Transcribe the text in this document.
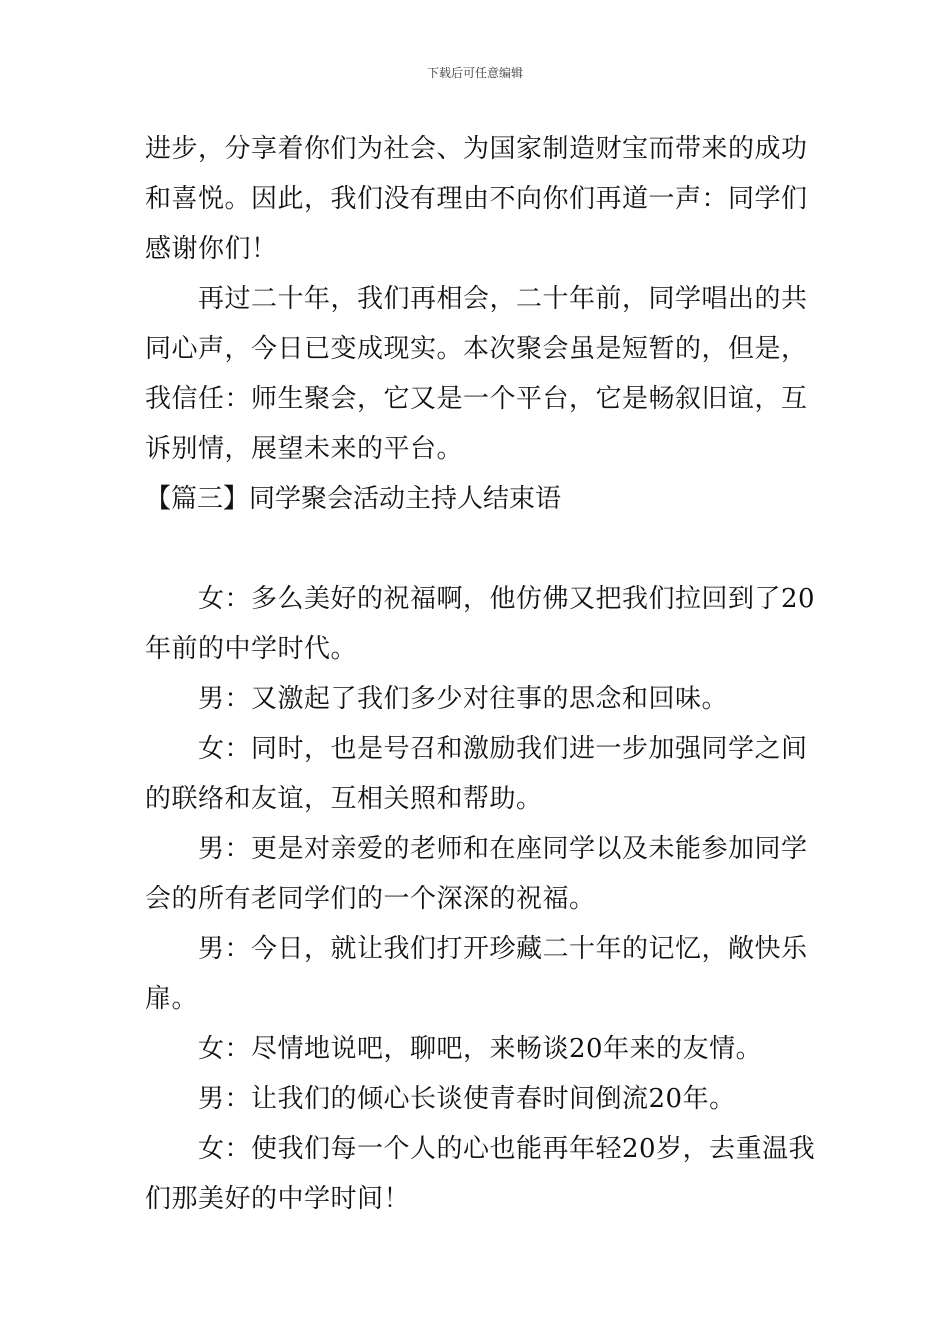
下载后可任意编辑
进步，分享着你们为社会、为国家制造财宝而带来的成功
和喜悦。因此，我们没有理由不向你们再道一声：同学们
感谢你们！
再过二十年，我们再相会，二十年前，同学唱出的共
同心声，今日已变成现实。本次聚会虽是短暂的，但是，
我信任：师生聚会，它又是一个平台，它是畅叙旧谊，互
诉别情，展望未来的平台。
【篇三】同学聚会活动主持人结束语
女：多么美好的祝福啊，他仿佛又把我们拉回到了20
年前的中学时代。
男：又激起了我们多少对往事的思念和回味。
女：同时，也是号召和激励我们进一步加强同学之间
的联络和友谊，互相关照和帮助。
男：更是对亲爱的老师和在座同学以及未能参加同学
会的所有老同学们的一个深深的祝福。
男：今日，就让我们打开珍藏二十年的记忆，敞快乐
扉。
女：尽情地说吧，聊吧，来畅谈20年来的友情。
男：让我们的倾心长谈使青春时间倒流20年。
女：使我们每一个人的心也能再年轻20岁，去重温我
们那美好的中学时间！
